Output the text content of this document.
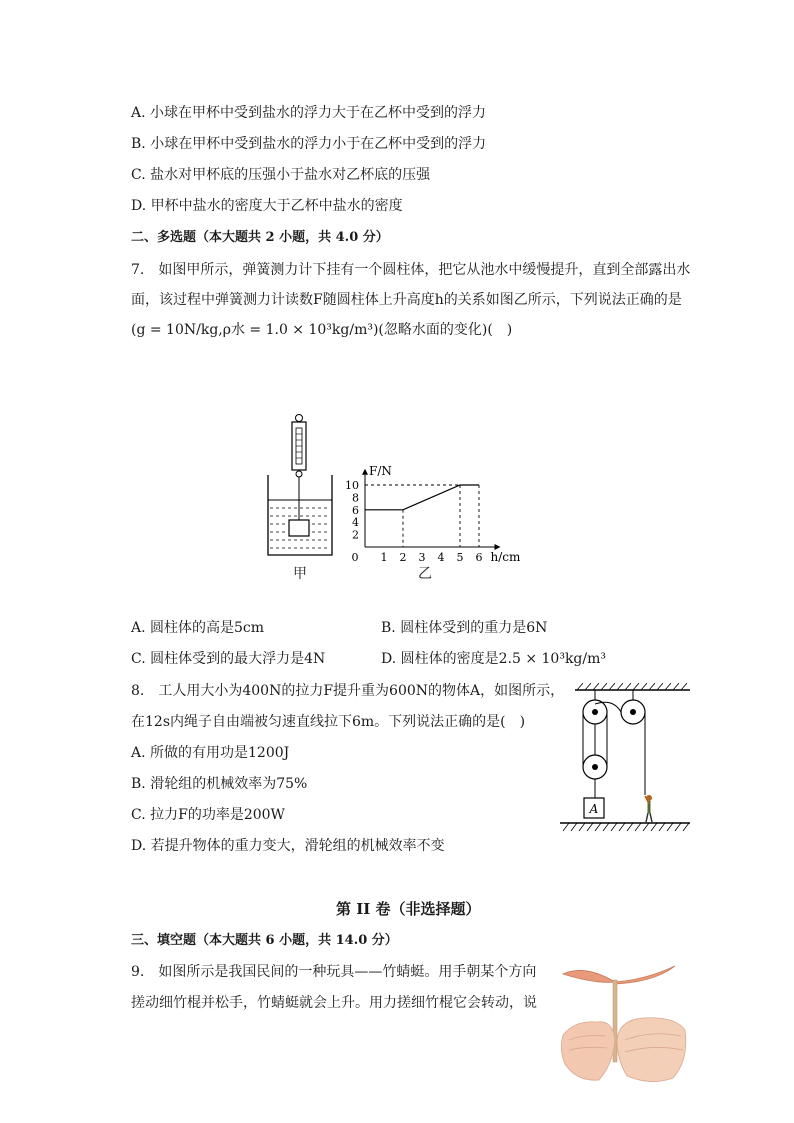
A. 小球在甲杯中受到盐水的浮力大于在乙杯中受到的浮力
B. 小球在甲杯中受到盐水的浮力小于在乙杯中受到的浮力
C. 盐水对甲杯底的压强小于盐水对乙杯底的压强
D. 甲杯中盐水的密度大于乙杯中盐水的密度
二、多选题（本大题共 2 小题，共 4.0 分）
7.　如图甲所示，弹簧测力计下挂有一个圆柱体，把它从池水中缓慢提升，直到全部露出水
面，该过程中弹簧测力计读数F随圆柱体上升高度h的关系如图乙所示，下列说法正确的是
(g = 10N/kg,ρ水 = 1.0 × 10³kg/m³)(忽略水面的变化)(　)
甲
F/N
h/cm
0 1 2 3 4 5 6
2
4
6
8
10
乙
A. 圆柱体的高是5cm	B. 圆柱体受到的重力是6N
C. 圆柱体受到的最大浮力是4N	D. 圆柱体的密度是2.5 × 10³kg/m³
8.　工人用大小为400N的拉力F提升重为600N的物体A，如图所示，
在12s内绳子自由端被匀速直线拉下6m。下列说法正确的是(　)
A. 所做的有用功是1200J
B. 滑轮组的机械效率为75%
C. 拉力F的功率是200W
D. 若提升物体的重力变大，滑轮组的机械效率不变
A
第 II 卷（非选择题）
三、填空题（本大题共 6 小题，共 14.0 分）
9.　如图所示是我国民间的一种玩具——竹蜻蜓。用手朝某个方向
搓动细竹棍并松手，竹蜻蜓就会上升。用力搓细竹棍它会转动，说
